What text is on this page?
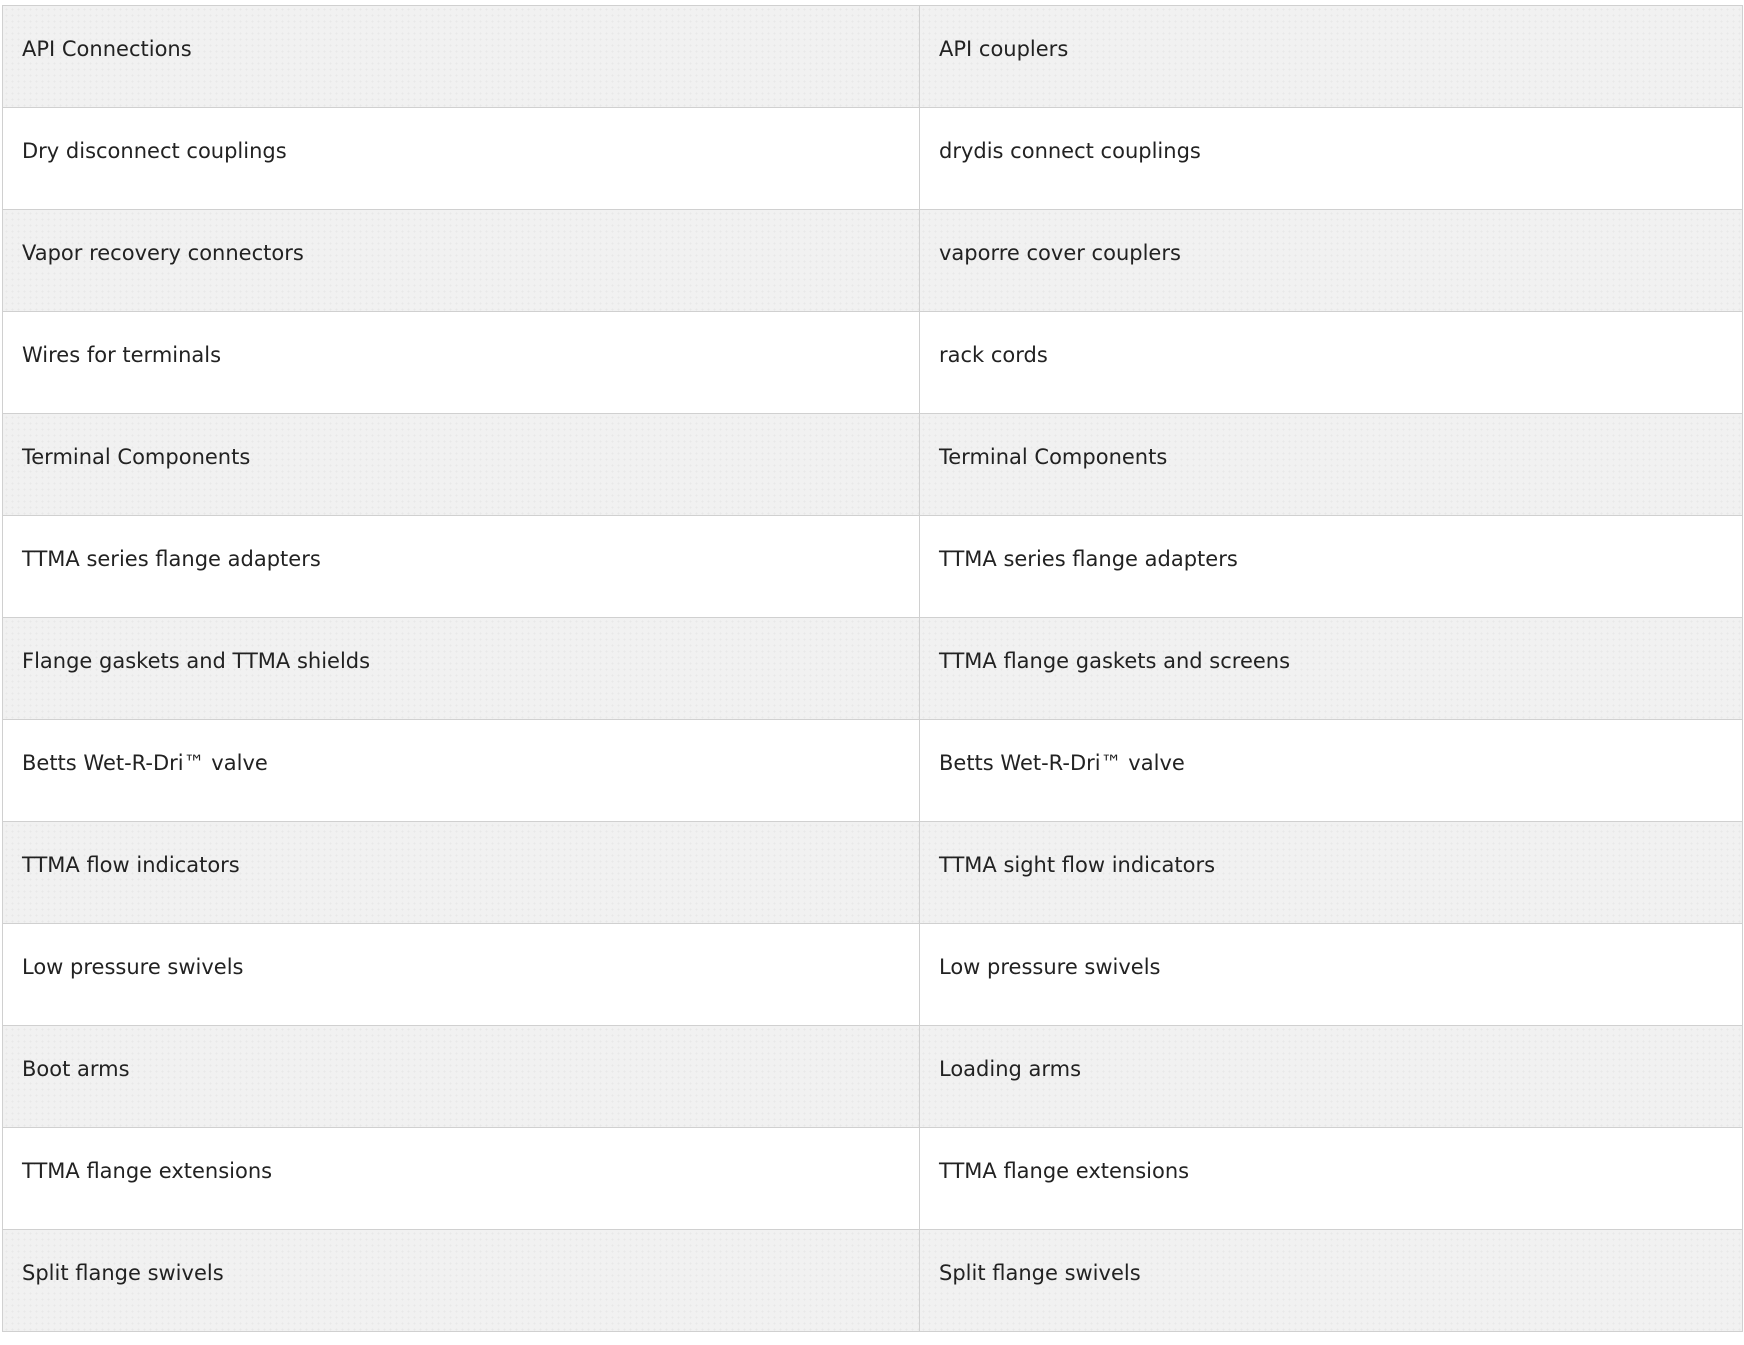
API Connections	API couplers
Dry disconnect couplings	drydis connect couplings
Vapor recovery connectors	vaporre cover couplers
Wires for terminals	rack cords
Terminal Components	Terminal Components
TTMA series flange adapters	TTMA series flange adapters
Flange gaskets and TTMA shields	TTMA flange gaskets and screens
Betts Wet-R-Dri™ valve	Betts Wet-R-Dri™ valve
TTMA flow indicators	TTMA sight flow indicators
Low pressure swivels	Low pressure swivels
Boot arms	Loading arms
TTMA flange extensions	TTMA flange extensions
Split flange swivels	Split flange swivels
